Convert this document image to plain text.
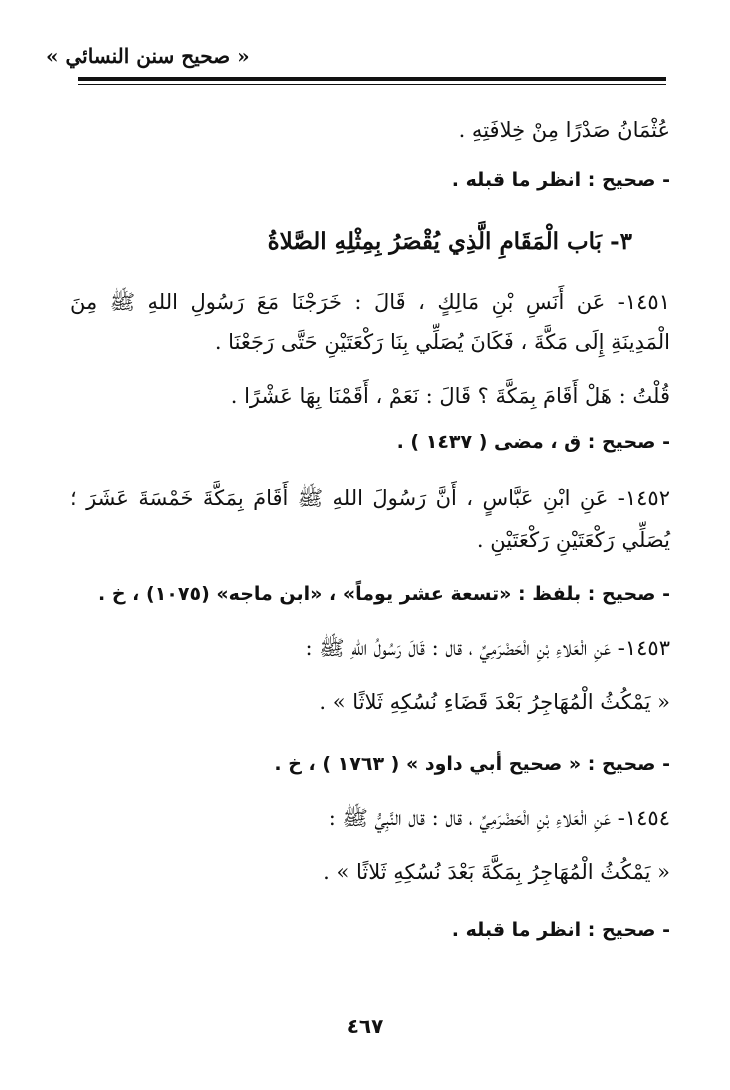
« صحيح سنن النسائي »
عُثْمَانُ صَدْرًا مِنْ خِلافَتِهِ .
- صحيح : انظر ما قبله .
٣- بَاب الْمَقَامِ الَّذِي يُقْصَرُ بِمِثْلِهِ الصَّلاةُ
١٤٥١- عَن أَنَسِ بْنِ مَالِكٍ ، قَالَ : خَرَجْنَا مَعَ رَسُولِ اللهِ ﷺ مِنَ
الْمَدِينَةِ إِلَى مَكَّةَ ، فَكَانَ يُصَلِّي بِنَا رَكْعَتَيْنِ حَتَّى رَجَعْنَا .
قُلْتُ : هَلْ أَقَامَ بِمَكَّةَ ؟ قَالَ : نَعَمْ ، أَقَمْنَا بِهَا عَشْرًا .
- صحيح : ق ، مضى ( ١٤٣٧ ) .
١٤٥٢- عَنِ ابْنِ عَبَّاسٍ ، أَنَّ رَسُولَ اللهِ ﷺ أَقَامَ بِمَكَّةَ خَمْسَةَ عَشَرَ ؛
يُصَلِّي رَكْعَتَيْنِ رَكْعَتَيْنِ .
- صحيح : بلفظ : «تسعة عشر يوماً» ، «ابن ماجه» (١٠٧٥) ، خ .
١٤٥٣- عَنِ الْعَلاءِ بْنِ الْحَضْرَمِيِّ ، قال : قَالَ رَسُولُ اللهِ ﷺ :
« يَمْكُثُ الْمُهَاجِرُ بَعْدَ قَضَاءِ نُسُكِهِ ثَلاثًا » .
- صحيح : « صحيح أبي داود » ( ١٧٦٣ ) ، خ .
١٤٥٤- عَنِ الْعَلاءِ بْنِ الْحَضْرَمِيِّ ، قال : قال النَّبِيُّ ﷺ :
« يَمْكُثُ الْمُهَاجِرُ بِمَكَّةَ بَعْدَ نُسُكِهِ ثَلاثًا » .
- صحيح : انظر ما قبله .
٤٦٧
